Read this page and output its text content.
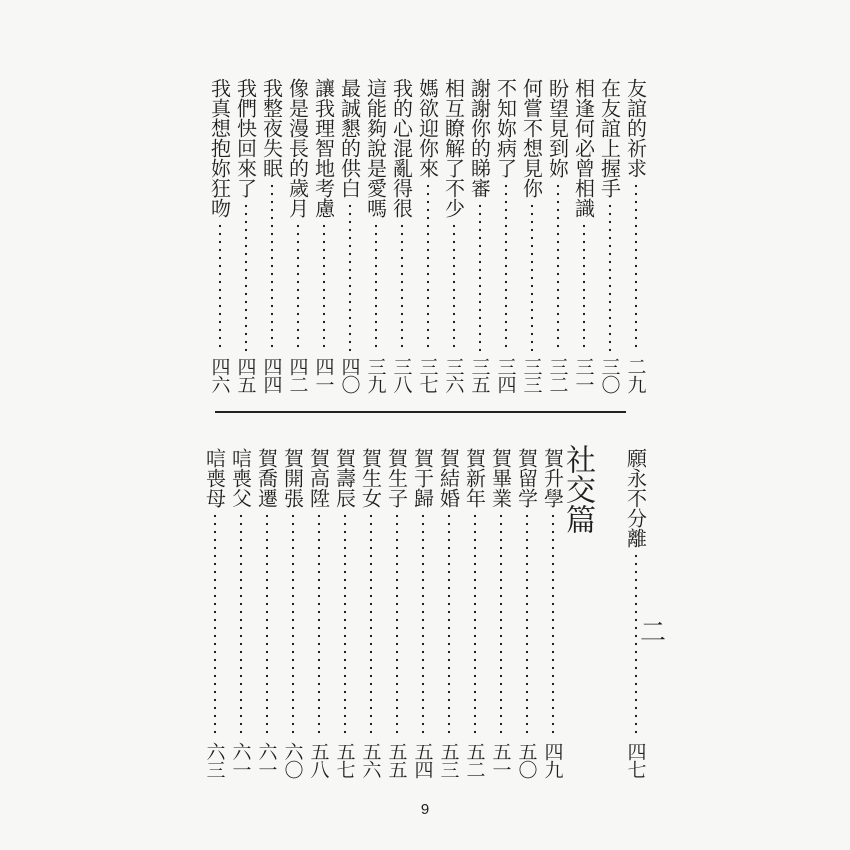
友誼的祈求
二九
在友誼上握手
三〇
相逢何必曾相識
三一
盼望見到妳
三二
何嘗不想見你
三三
不知妳病了
三四
謝謝你的睇審
三五
相互瞭解了不少
三六
媽欲迎你來
三七
我的心混亂得很
三八
這能夠說是愛嗎
三九
最誠懇的供白
四〇
讓我理智地考慮
四一
像是漫長的歲月
四二
我整夜失眠
四四
我們快回來了
四五
我真想抱妳狂吻
四六
社交篇
二
願永不分離
四七
賀升學
四九
賀留学
五〇
賀畢業
五一
賀新年
五二
賀結婚
五三
賀于歸
五四
賀生子
五五
賀生女
五六
賀壽辰
五七
賀高陞
五八
賀開張
六〇
賀喬遷
六一
唁喪父
六一
唁喪母
六三
9
